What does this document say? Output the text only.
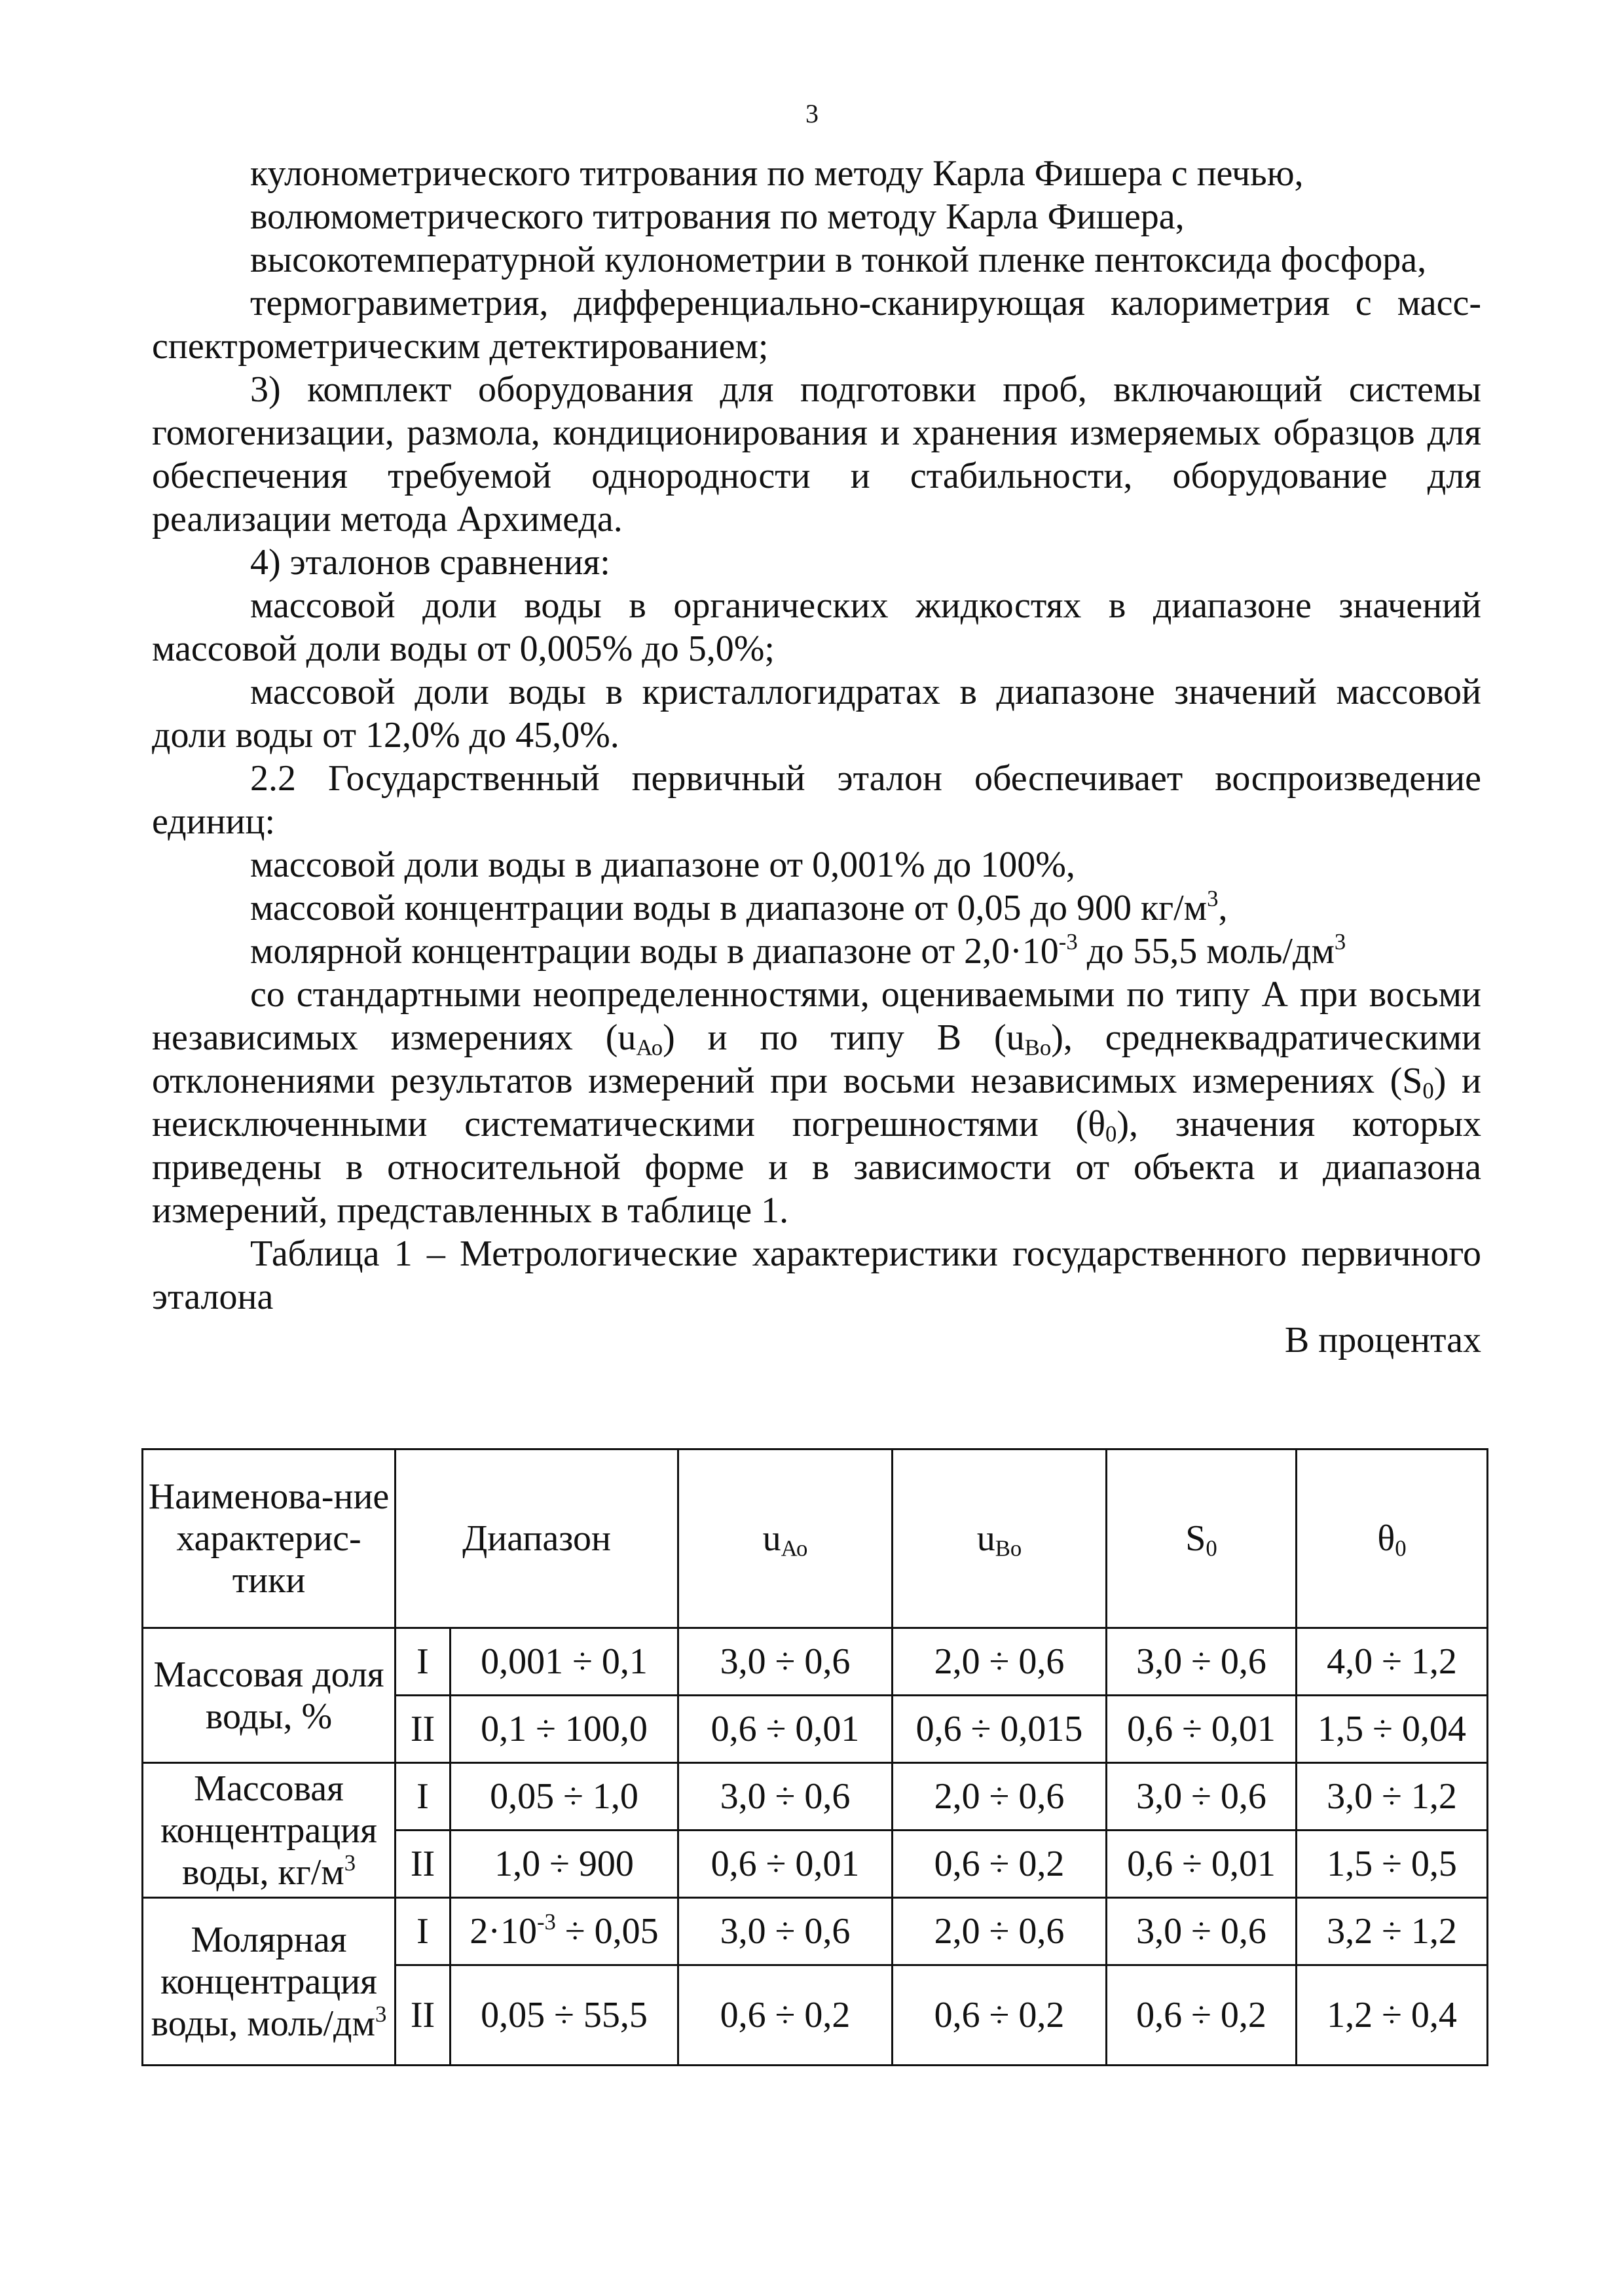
3

кулонометрического титрования по методу Карла Фишера с печью,

волюмометрического титрования по методу Карла Фишера,

высокотемпературной кулонометрии в тонкой пленке пентоксида фосфора,

термогравиметрия, дифференциально-сканирующая калориметрия с масс-спектрометрическим детектированием;

3) комплект оборудования для подготовки проб, включающий системы гомогенизации, размола, кондиционирования и хранения измеряемых образцов для обеспечения требуемой однородности и стабильности, оборудование для реализации метода Архимеда.

4) эталонов сравнения:

массовой доли воды в органических жидкостях в диапазоне значений массовой доли воды от 0,005% до 5,0%;

массовой доли воды в кристаллогидратах в диапазоне значений массовой доли воды от 12,0% до 45,0%.

2.2 Государственный первичный эталон обеспечивает воспроизведение единиц:

массовой доли воды в диапазоне от 0,001% до 100%,

массовой концентрации воды в диапазоне от 0,05 до 900 $кг/м^3$,

молярной концентрации воды в диапазоне от $2,0\cdot 10^{-3}$ до 55,5 моль/$дм^3$

со стандартными неопределенностями, оцениваемыми по типу А при восьми независимых измерениях $(u_{Ао})$ и по типу В $(u_{Во})$, среднеквадратическими отклонениями результатов измерений при восьми независимых измерениях $(S_0)$ и неисключенными систематическими погрешностями $(\theta_0)$, значения которых приведены в относительной форме и в зависимости от объекта и диапазона измерений, представленных в таблице 1.

Таблица 1 – Метрологические характеристики государственного первичного эталона

В процентах

Наименова-ние характерис-тики	Диапазон		$u_{Ао}$	$u_{Во}$	$S_0$	$\theta_0$
Массовая доля воды, %	I	0,001 ÷ 0,1	3,0 ÷ 0,6	2,0 ÷ 0,6	3,0 ÷ 0,6	4,0 ÷ 1,2
	II	0,1 ÷ 100,0	0,6 ÷ 0,01	0,6 ÷ 0,015	0,6 ÷ 0,01	1,5 ÷ 0,04
Массовая концентрация воды, $кг/м^3$	I	0,05 ÷ 1,0	3,0 ÷ 0,6	2,0 ÷ 0,6	3,0 ÷ 0,6	3,0 ÷ 1,2
	II	1,0 ÷ 900	0,6 ÷ 0,01	0,6 ÷ 0,2	0,6 ÷ 0,01	1,5 ÷ 0,5
Молярная концентрация воды, моль/$дм^3$	I	$2\cdot 10^{-3} \div 0,05$	3,0 ÷ 0,6	2,0 ÷ 0,6	3,0 ÷ 0,6	3,2 ÷ 1,2
	II	0,05 ÷ 55,5	0,6 ÷ 0,2	0,6 ÷ 0,2	0,6 ÷ 0,2	1,2 ÷ 0,4
